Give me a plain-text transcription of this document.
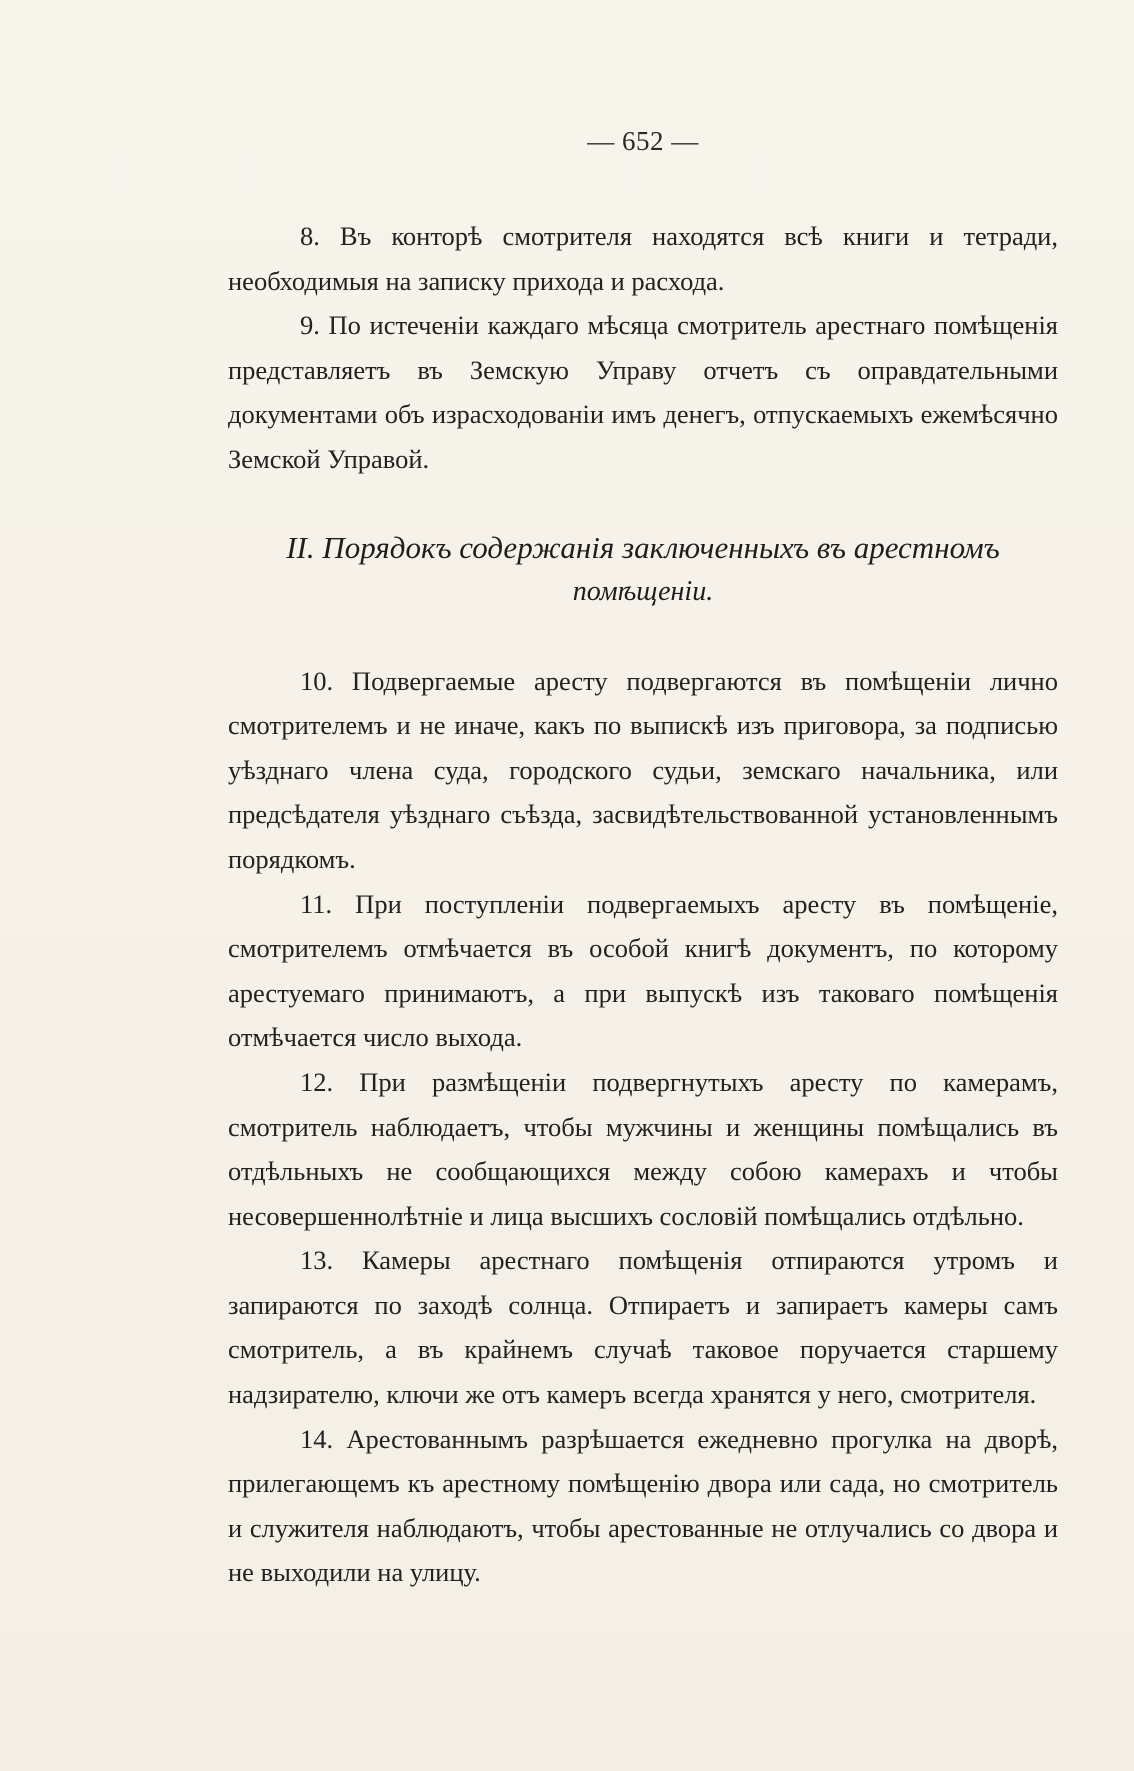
— 652 —

8. Въ конторѣ смотрителя находятся всѣ книги и тетради, необходимыя на записку прихода и расхода.

9. По истеченіи каждаго мѣсяца смотритель арестнаго помѣщенія представляетъ въ Земскую Управу отчетъ съ оправдательными документами объ израсходованіи имъ денегъ, отпускаемыхъ ежемѣсячно Земской Управой.

II. Порядокъ содержанія заключенныхъ въ арестномъ
помѣщеніи.

10. Подвергаемые аресту подвергаются въ помѣщеніи лично смотрителемъ и не иначе, какъ по выпискѣ изъ приговора, за подписью уѣзднаго члена суда, городского судьи, земскаго начальника, или предсѣдателя уѣзднаго съѣзда, засвидѣтельствованной установленнымъ порядкомъ.

11. При поступленіи подвергаемыхъ аресту въ помѣщеніе, смотрителемъ отмѣчается въ особой книгѣ документъ, по которому арестуемаго принимаютъ, а при выпускѣ изъ таковаго помѣщенія отмѣчается число выхода.

12. При размѣщеніи подвергнутыхъ аресту по камерамъ, смотритель наблюдаетъ, чтобы мужчины и женщины помѣщались въ отдѣльныхъ не сообщающихся между собою камерахъ и чтобы несовершеннолѣтніе и лица высшихъ сословій помѣщались отдѣльно.

13. Камеры арестнаго помѣщенія отпираются утромъ и запираются по заходѣ солнца. Отпираетъ и запираетъ камеры самъ смотритель, а въ крайнемъ случаѣ таковое поручается старшему надзирателю, ключи же отъ камеръ всегда хранятся у него, смотрителя.

14. Арестованнымъ разрѣшается ежедневно прогулка на дворѣ, прилегающемъ къ арестному помѣщенію двора или сада, но смотритель и служителя наблюдаютъ, чтобы арестованные не отлучались со двора и не выходили на улицу.
